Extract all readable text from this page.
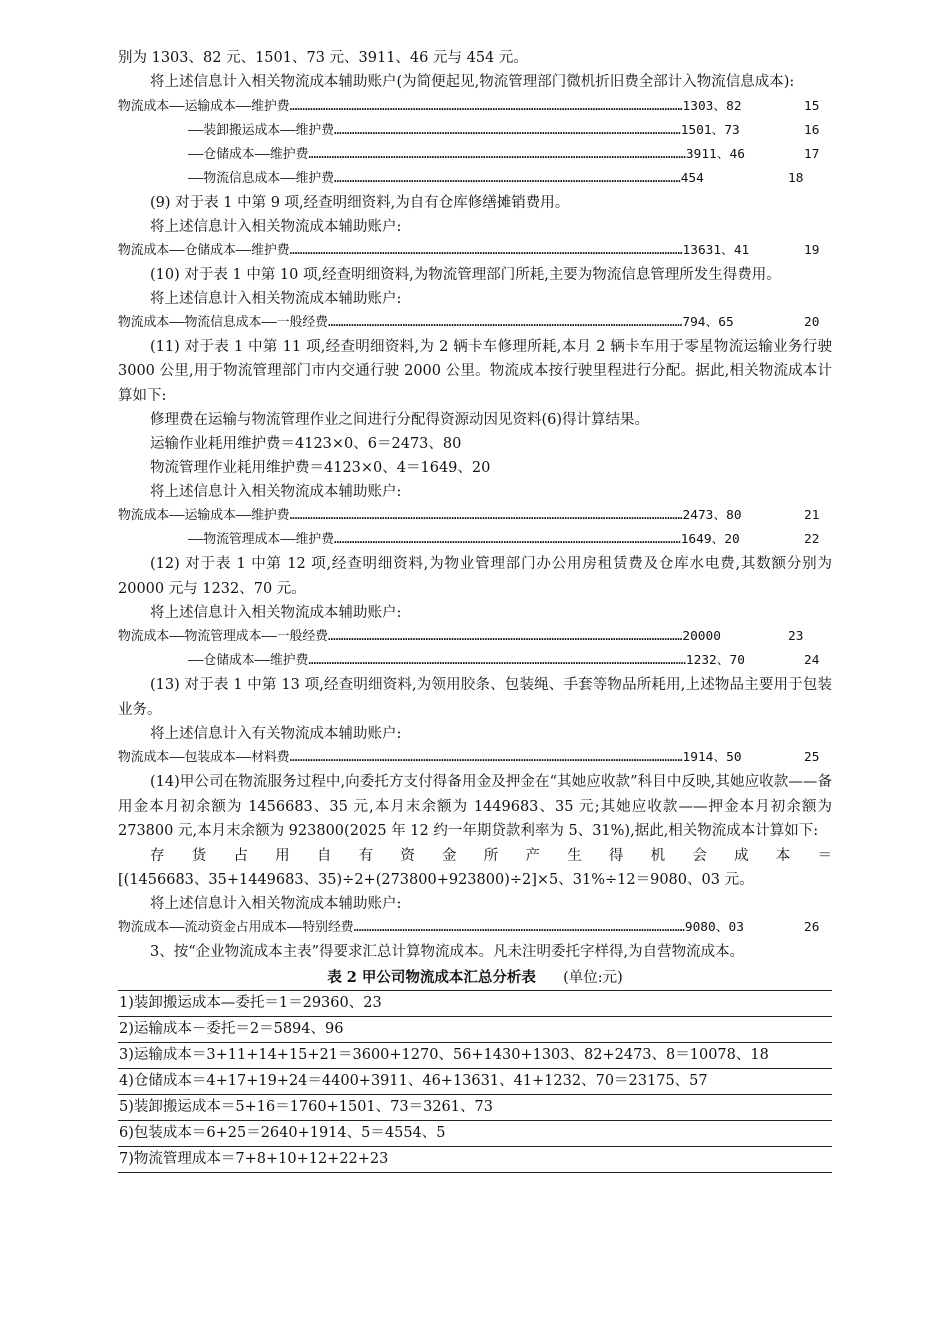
别为 1303、82 元、1501、73 元、3911、46 元与 454 元。
将上述信息计入相关物流成本辅助账户(为简便起见,物流管理部门微机折旧费全部计入物流信息成本):
物流成本——运输成本——维护费………………………………………………………………………………………………………………………………………1303、82	15
——装卸搬运成本——维护费………………………………………………………………………………………………………………………1501、73	16
——仓储成本——维护费…………………………………………………………………………………………………………………………………3911、46	17
——物流信息成本——维护费………………………………………………………………………………………………………………………454	18
(9) 对于表 1 中第 9 项,经查明细资料,为自有仓库修缮摊销费用。
将上述信息计入相关物流成本辅助账户:
物流成本——仓储成本——维护费………………………………………………………………………………………………………………………………………13631、41	19
(10) 对于表 1 中第 10 项,经查明细资料,为物流管理部门所耗,主要为物流信息管理所发生得费用。
将上述信息计入相关物流成本辅助账户:
物流成本——物流信息成本——一般经费…………………………………………………………………………………………………………………………794、65	20
(11) 对于表 1 中第 11 项,经查明细资料,为 2 辆卡车修理所耗,本月 2 辆卡车用于零星物流运输业务行驶 3000 公里,用于物流管理部门市内交通行驶 2000 公里。物流成本按行驶里程进行分配。据此,相关物流成本计算如下:
修理费在运输与物流管理作业之间进行分配得资源动因见资料(6)得计算结果。
运输作业耗用维护费＝4123×0、6＝2473、80
物流管理作业耗用维护费＝4123×0、4＝1649、20
将上述信息计入相关物流成本辅助账户:
物流成本——运输成本——维护费………………………………………………………………………………………………………………………………………2473、80	21
——物流管理成本——维护费………………………………………………………………………………………………………………………1649、20	22
(12) 对于表 1 中第 12 项,经查明细资料,为物业管理部门办公用房租赁费及仓库水电费,其数额分别为 20000 元与 1232、70 元。
将上述信息计入相关物流成本辅助账户:
物流成本——物流管理成本——一般经费…………………………………………………………………………………………………………………………20000	23
——仓储成本——维护费…………………………………………………………………………………………………………………………………1232、70	24
(13) 对于表 1 中第 13 项,经查明细资料,为领用胶条、包装绳、手套等物品所耗用,上述物品主要用于包装业务。
将上述信息计入有关物流成本辅助账户:
物流成本——包装成本——材料费………………………………………………………………………………………………………………………………………1914、50	25
(14)甲公司在物流服务过程中,向委托方支付得备用金及押金在“其她应收款”科目中反映,其她应收款——备用金本月初余额为 1456683、35 元,本月末余额为 1449683、35 元;其她应收款——押金本月初余额为 273800 元,本月末余额为 923800(2025 年 12 约一年期贷款利率为 5、31%),据此,相关物流成本计算如下:
存 货 占 用 自 有 资 金 所 产 生 得 机 会 成 本 ＝
[(1456683、35+1449683、35)÷2+(273800+923800)÷2]×5、31%÷12＝9080、03 元。
将上述信息计入相关物流成本辅助账户:
物流成本——流动资金占用成本——特别经费…………………………………………………………………………………………………………………9080、03	26
3、按“企业物流成本主表”得要求汇总计算物流成本。凡未注明委托字样得,为自营物流成本。
表 2 甲公司物流成本汇总分析表 (单位:元)
1)装卸搬运成本—委托＝1＝29360、23
2)运输成本－委托＝2＝5894、96
3)运输成本＝3+11+14+15+21＝3600+1270、56+1430+1303、82+2473、8＝10078、18
4)仓储成本＝4+17+19+24＝4400+3911、46+13631、41+1232、70＝23175、57
5)装卸搬运成本＝5+16＝1760+1501、73＝3261、73
6)包装成本＝6+25＝2640+1914、5＝4554、5
7)物流管理成本＝7+8+10+12+22+23
